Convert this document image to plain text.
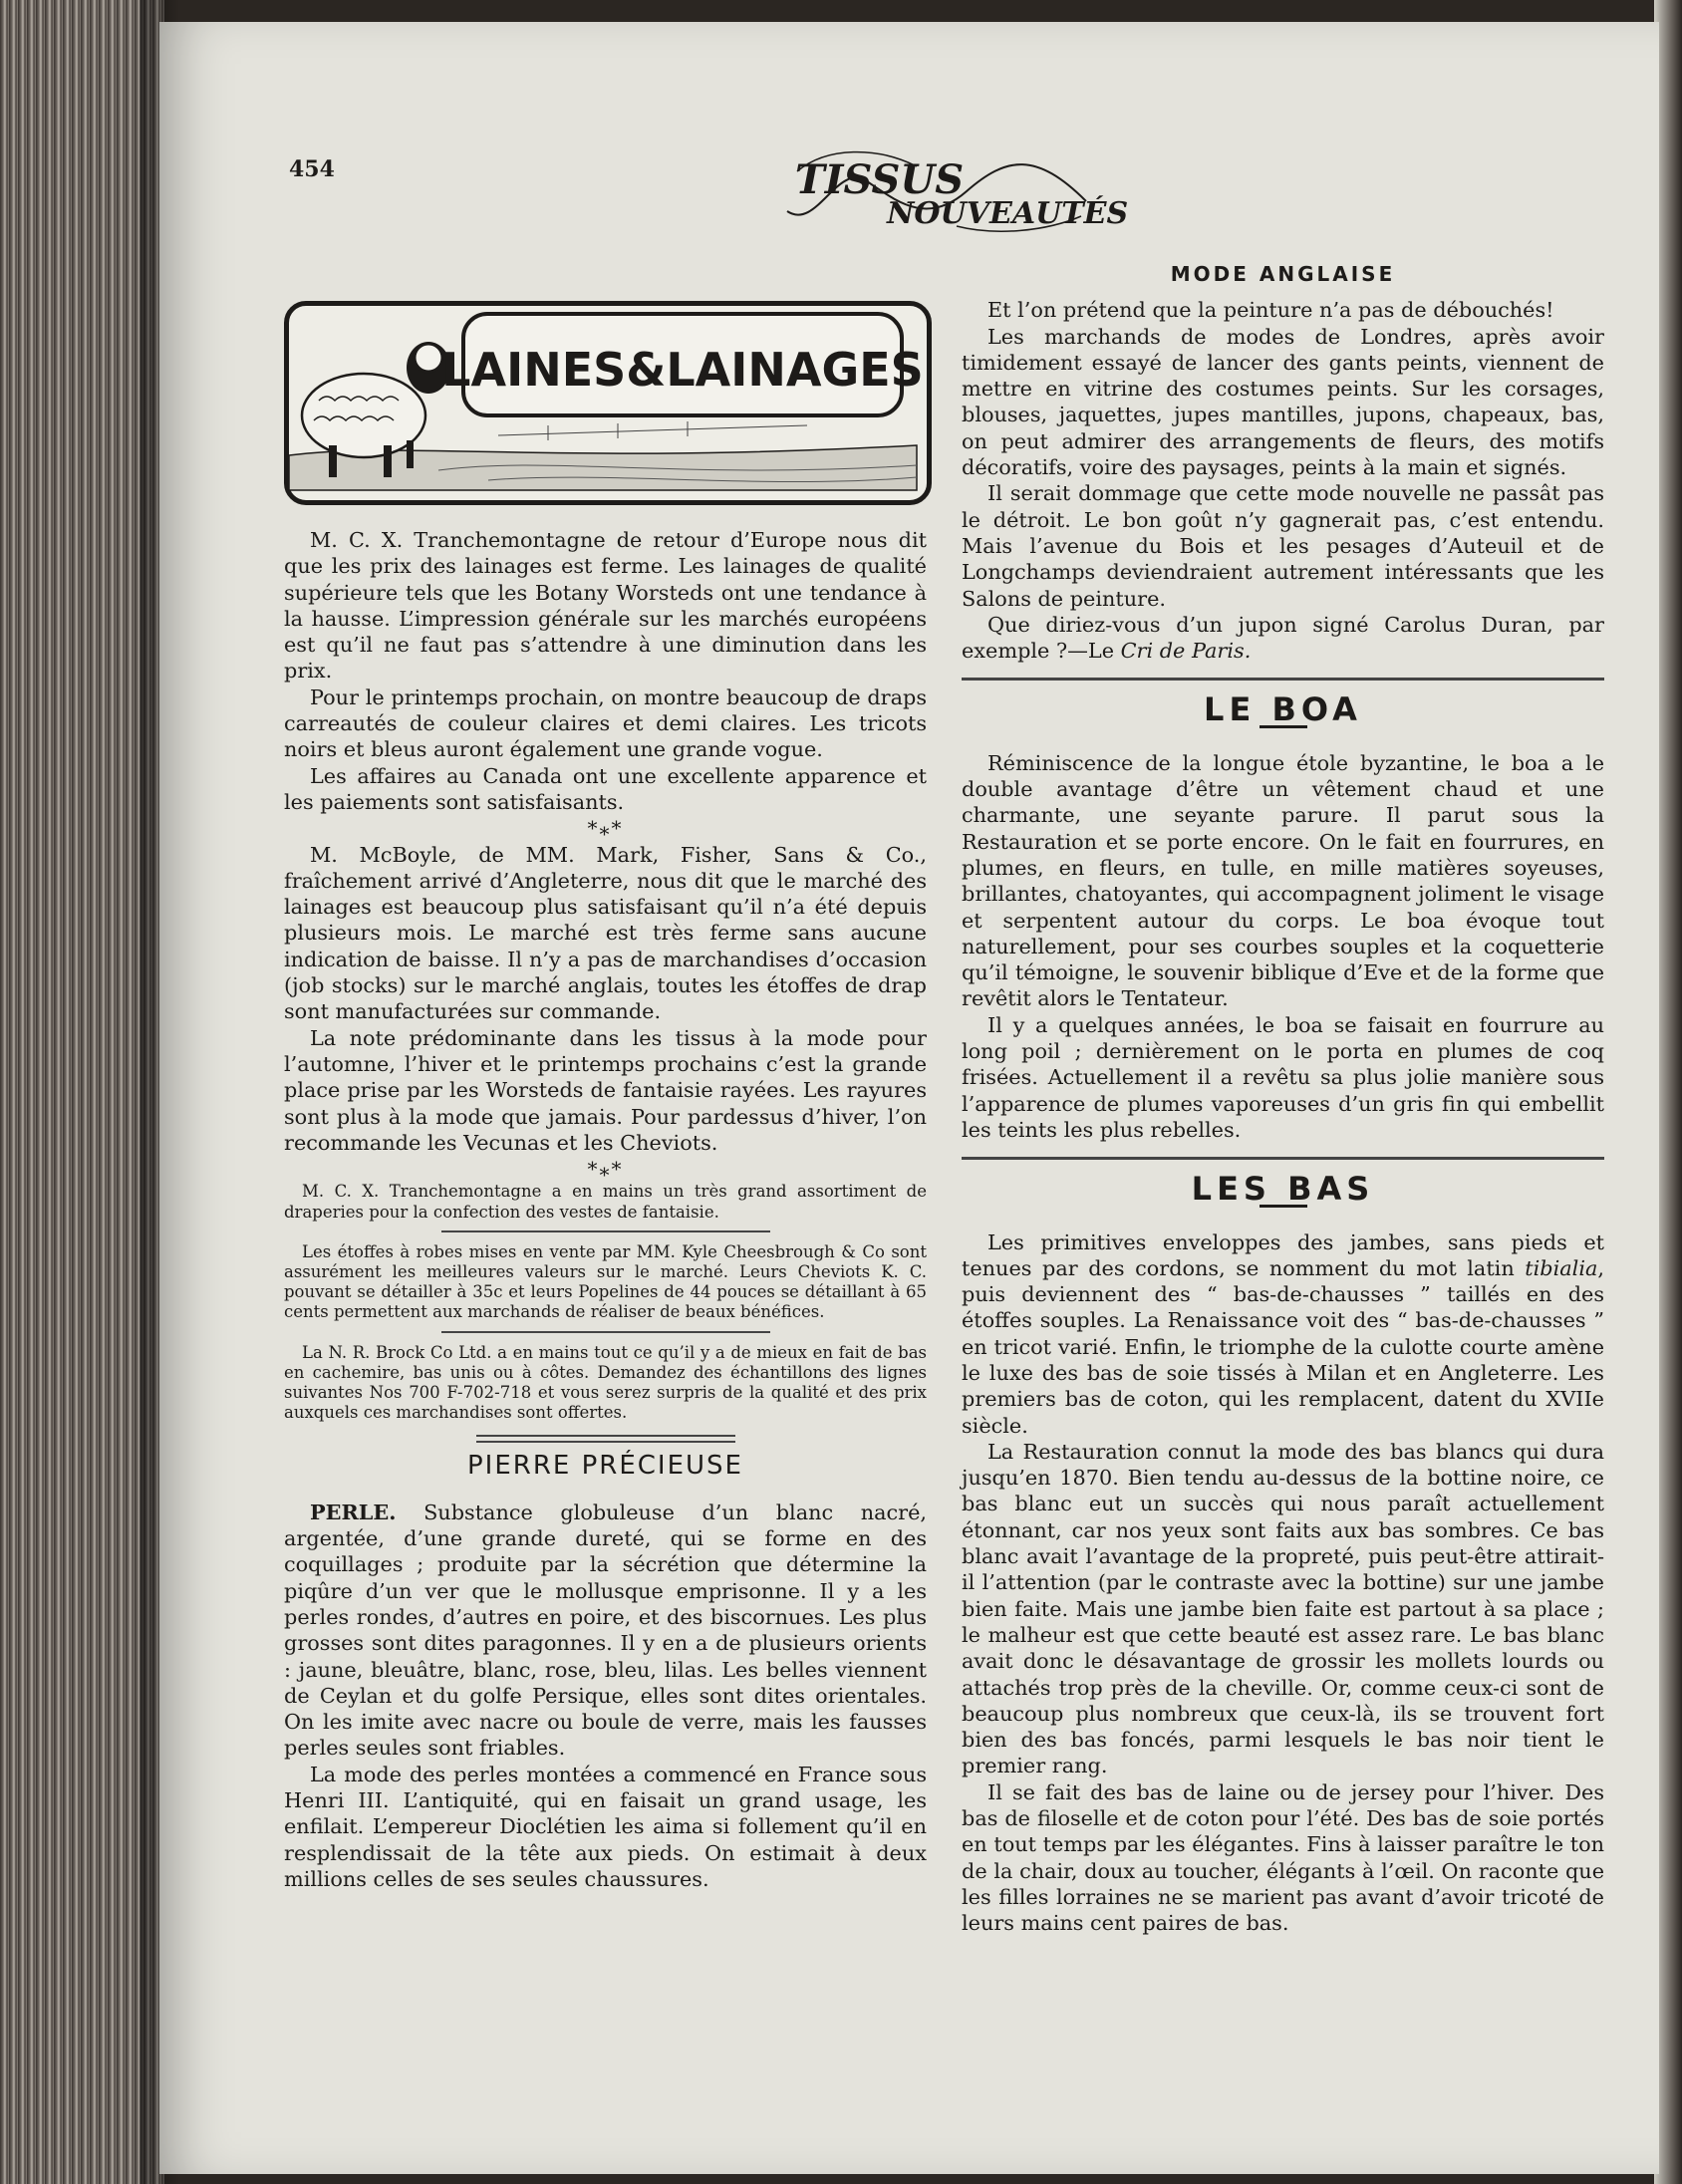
454	TISSUS
NOUVEAUTÉS
LAINES&LAINAGES

M. C. X. Tranchemontagne de retour d’Europe nous dit que les prix des lainages est ferme. Les lainages de qualité supérieure tels que les Botany Worsteds ont une tendance à la hausse. L’impression générale sur les marchés européens est qu’il ne faut pas s’attendre à une diminution dans les prix.

Pour le printemps prochain, on montre beaucoup de draps carreautés de couleur claires et demi claires. Les tricots noirs et bleus auront également une grande vogue.

Les affaires au Canada ont une excellente apparence et les paiements sont satisfaisants.

*⁎*

M. McBoyle, de MM. Mark, Fisher, Sans & Co., fraîchement arrivé d’Angleterre, nous dit que le marché des lainages est beaucoup plus satisfaisant qu’il n’a été depuis plusieurs mois. Le marché est très ferme sans aucune indication de baisse. Il n’y a pas de marchandises d’occasion (job stocks) sur le marché anglais, toutes les étoffes de drap sont manufacturées sur commande.

La note prédominante dans les tissus à la mode pour l’automne, l’hiver et le printemps prochains c’est la grande place prise par les Worsteds de fantaisie rayées. Les rayures sont plus à la mode que jamais. Pour pardessus d’hiver, l’on recommande les Vecunas et les Cheviots.

*⁎*

M. C. X. Tranchemontagne a en mains un très grand assortiment de draperies pour la confection des vestes de fantaisie.

Les étoffes à robes mises en vente par MM. Kyle Cheesbrough & Co sont assurément les meilleures valeurs sur le marché. Leurs Cheviots K. C. pouvant se détailler à 35c et leurs Popelines de 44 pouces se détaillant à 65 cents permettent aux marchands de réaliser de beaux bénéfices.

La N. R. Brock Co Ltd. a en mains tout ce qu’il y a de mieux en fait de bas en cachemire, bas unis ou à côtes. Demandez des échantillons des lignes suivantes Nos 700 F-702-718 et vous serez surpris de la qualité et des prix auxquels ces marchandises sont offertes.

PIERRE PRÉCIEUSE

PERLE. Substance globuleuse d’un blanc nacré, argentée, d’une grande dureté, qui se forme en des coquillages ; produite par la sécrétion que détermine la piqûre d’un ver que le mollusque emprisonne. Il y a les perles rondes, d’autres en poire, et des biscornues. Les plus grosses sont dites paragonnes. Il y en a de plusieurs orients : jaune, bleuâtre, blanc, rose, bleu, lilas. Les belles viennent de Ceylan et du golfe Persique, elles sont dites orientales. On les imite avec nacre ou boule de verre, mais les fausses perles seules sont friables.

La mode des perles montées a commencé en France sous Henri III. L’antiquité, qui en faisait un grand usage, les enfilait. L’empereur Dioclétien les aima si follement qu’il en resplendissait de la tête aux pieds. On estimait à deux millions celles de ses seules chaussures.

MODE ANGLAISE

Et l’on prétend que la peinture n’a pas de débouchés!

Les marchands de modes de Londres, après avoir timidement essayé de lancer des gants peints, viennent de mettre en vitrine des costumes peints. Sur les corsages, blouses, jaquettes, jupes mantilles, jupons, chapeaux, bas, on peut admirer des arrangements de fleurs, des motifs décoratifs, voire des paysages, peints à la main et signés.

Il serait dommage que cette mode nouvelle ne passât pas le détroit. Le bon goût n’y gagnerait pas, c’est entendu. Mais l’avenue du Bois et les pesages d’Auteuil et de Longchamps deviendraient autrement intéressants que les Salons de peinture.

Que diriez-vous d’un jupon signé Carolus Duran, par exemple ?—Le Cri de Paris.

LE BOA

Réminiscence de la longue étole byzantine, le boa a le double avantage d’être un vêtement chaud et une charmante, une seyante parure. Il parut sous la Restauration et se porte encore. On le fait en fourrures, en plumes, en fleurs, en tulle, en mille matières soyeuses, brillantes, chatoyantes, qui accompagnent joliment le visage et serpentent autour du corps. Le boa évoque tout naturellement, pour ses courbes souples et la coquetterie qu’il témoigne, le souvenir biblique d’Eve et de la forme que revêtit alors le Tentateur.

Il y a quelques années, le boa se faisait en fourrure au long poil ; dernièrement on le porta en plumes de coq frisées. Actuellement il a revêtu sa plus jolie manière sous l’apparence de plumes vaporeuses d’un gris fin qui embellit les teints les plus rebelles.

LES BAS

Les primitives enveloppes des jambes, sans pieds et tenues par des cordons, se nomment du mot latin tibialia, puis deviennent des “ bas-de-chausses ” taillés en des étoffes souples. La Renaissance voit des “ bas-de-chausses ” en tricot varié. Enfin, le triomphe de la culotte courte amène le luxe des bas de soie tissés à Milan et en Angleterre. Les premiers bas de coton, qui les remplacent, datent du XVIIe siècle.

La Restauration connut la mode des bas blancs qui dura jusqu’en 1870. Bien tendu au-dessus de la bottine noire, ce bas blanc eut un succès qui nous paraît actuellement étonnant, car nos yeux sont faits aux bas sombres. Ce bas blanc avait l’avantage de la propreté, puis peut-être attirait-il l’attention (par le contraste avec la bottine) sur une jambe bien faite. Mais une jambe bien faite est partout à sa place ; le malheur est que cette beauté est assez rare. Le bas blanc avait donc le désavantage de grossir les mollets lourds ou attachés trop près de la cheville. Or, comme ceux-ci sont de beaucoup plus nombreux que ceux-là, ils se trouvent fort bien des bas foncés, parmi lesquels le bas noir tient le premier rang.

Il se fait des bas de laine ou de jersey pour l’hiver. Des bas de filoselle et de coton pour l’été. Des bas de soie portés en tout temps par les élégantes. Fins à laisser paraître le ton de la chair, doux au toucher, élégants à l’œil. On raconte que les filles lorraines ne se marient pas avant d’avoir tricoté de leurs mains cent paires de bas.
